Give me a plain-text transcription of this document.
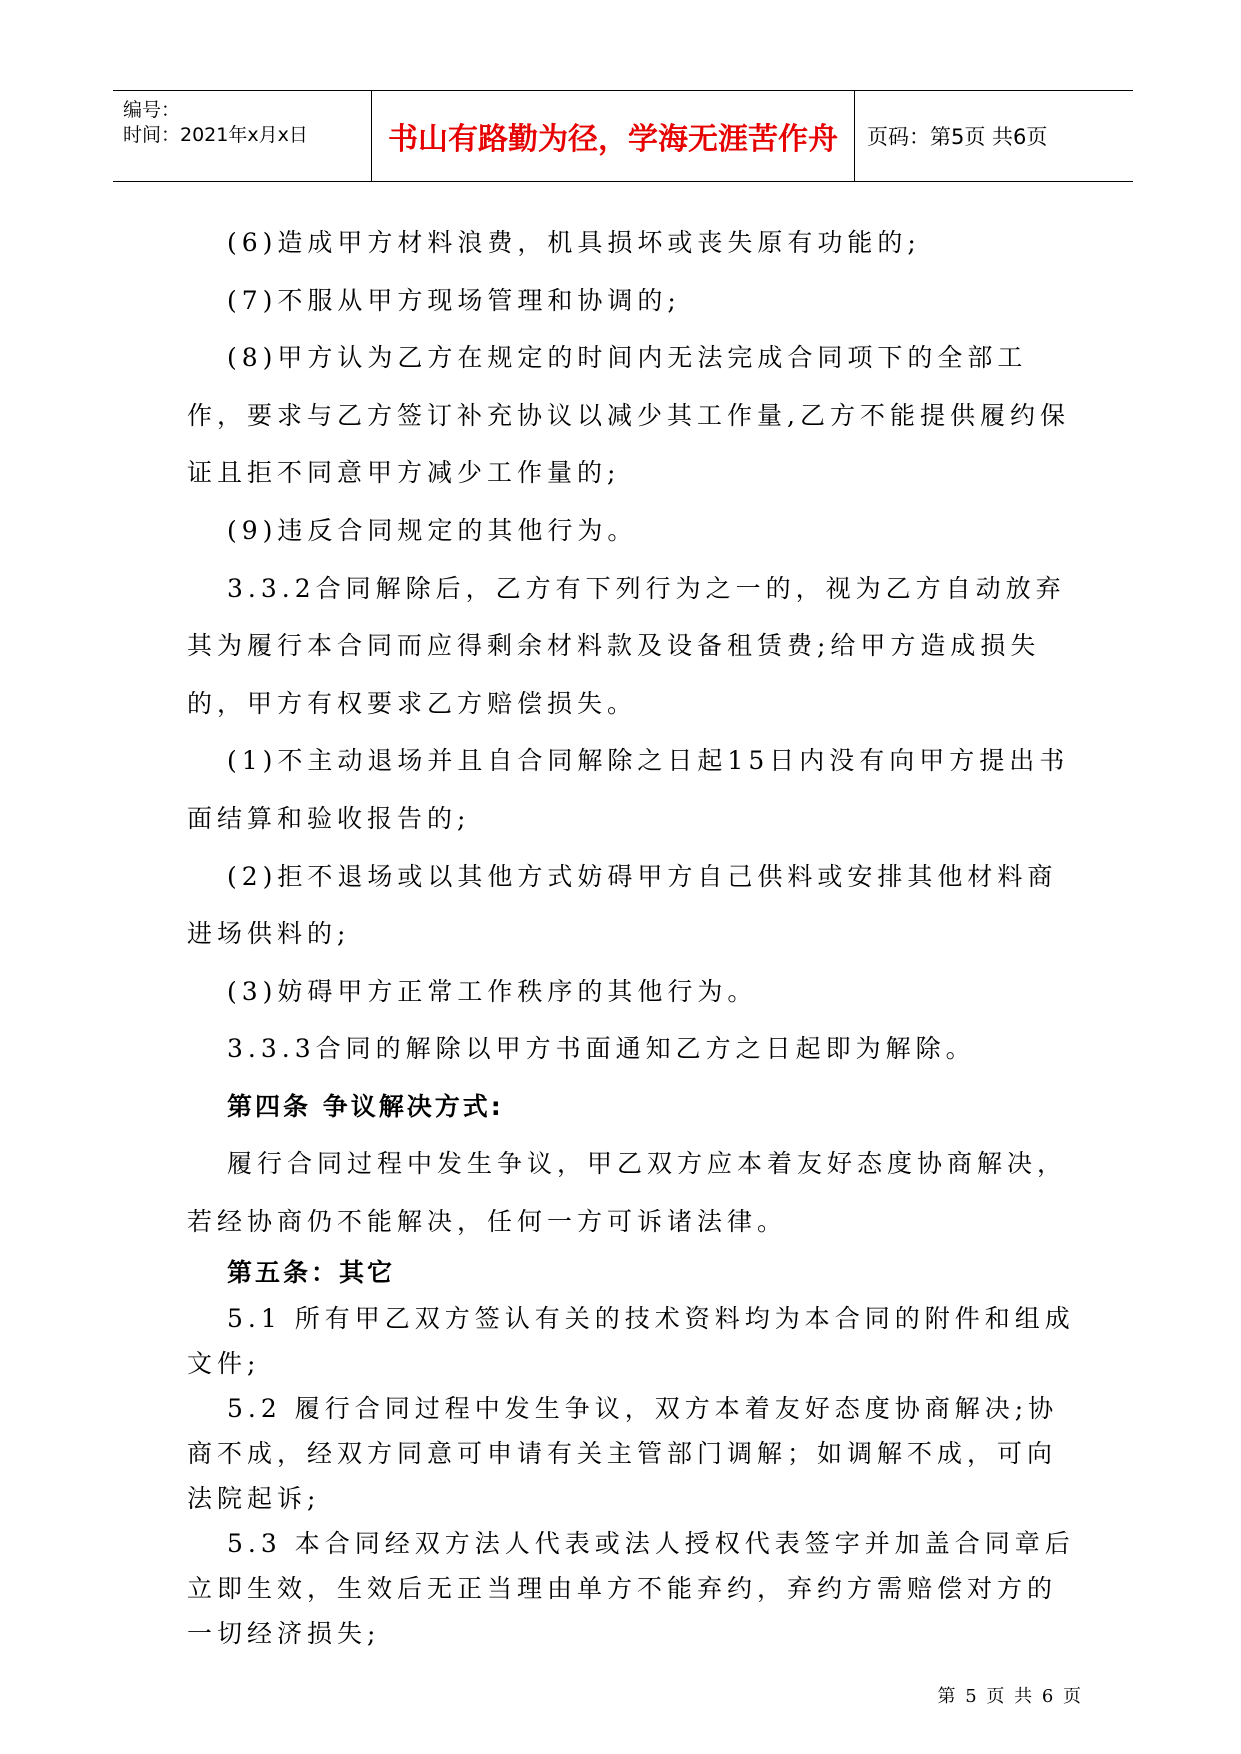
编号：
时间：2021年x月x日	书山有路勤为径，学海无涯苦作舟	页码：第5页 共6页

(6)造成甲方材料浪费，机具损坏或丧失原有功能的;

(7)不服从甲方现场管理和协调的;

(8)甲方认为乙方在规定的时间内无法完成合同项下的全部工作，要求与乙方签订补充协议以减少其工作量,乙方不能提供履约保证且拒不同意甲方减少工作量的;

(9)违反合同规定的其他行为。

3.3.2合同解除后，乙方有下列行为之一的，视为乙方自动放弃其为履行本合同而应得剩余材料款及设备租赁费;给甲方造成损失的，甲方有权要求乙方赔偿损失。

(1)不主动退场并且自合同解除之日起15日内没有向甲方提出书面结算和验收报告的;

(2)拒不退场或以其他方式妨碍甲方自己供料或安排其他材料商进场供料的;

(3)妨碍甲方正常工作秩序的其他行为。

3.3.3合同的解除以甲方书面通知乙方之日起即为解除。

第四条 争议解决方式:

履行合同过程中发生争议，甲乙双方应本着友好态度协商解决，若经协商仍不能解决，任何一方可诉诸法律。

第五条：其它

5.1 所有甲乙双方签认有关的技术资料均为本合同的附件和组成文件;

5.2 履行合同过程中发生争议，双方本着友好态度协商解决;协商不成，经双方同意可申请有关主管部门调解；如调解不成，可向法院起诉;

5.3 本合同经双方法人代表或法人授权代表签字并加盖合同章后立即生效，生效后无正当理由单方不能弃约，弃约方需赔偿对方的一切经济损失;

第 5 页 共 6 页
